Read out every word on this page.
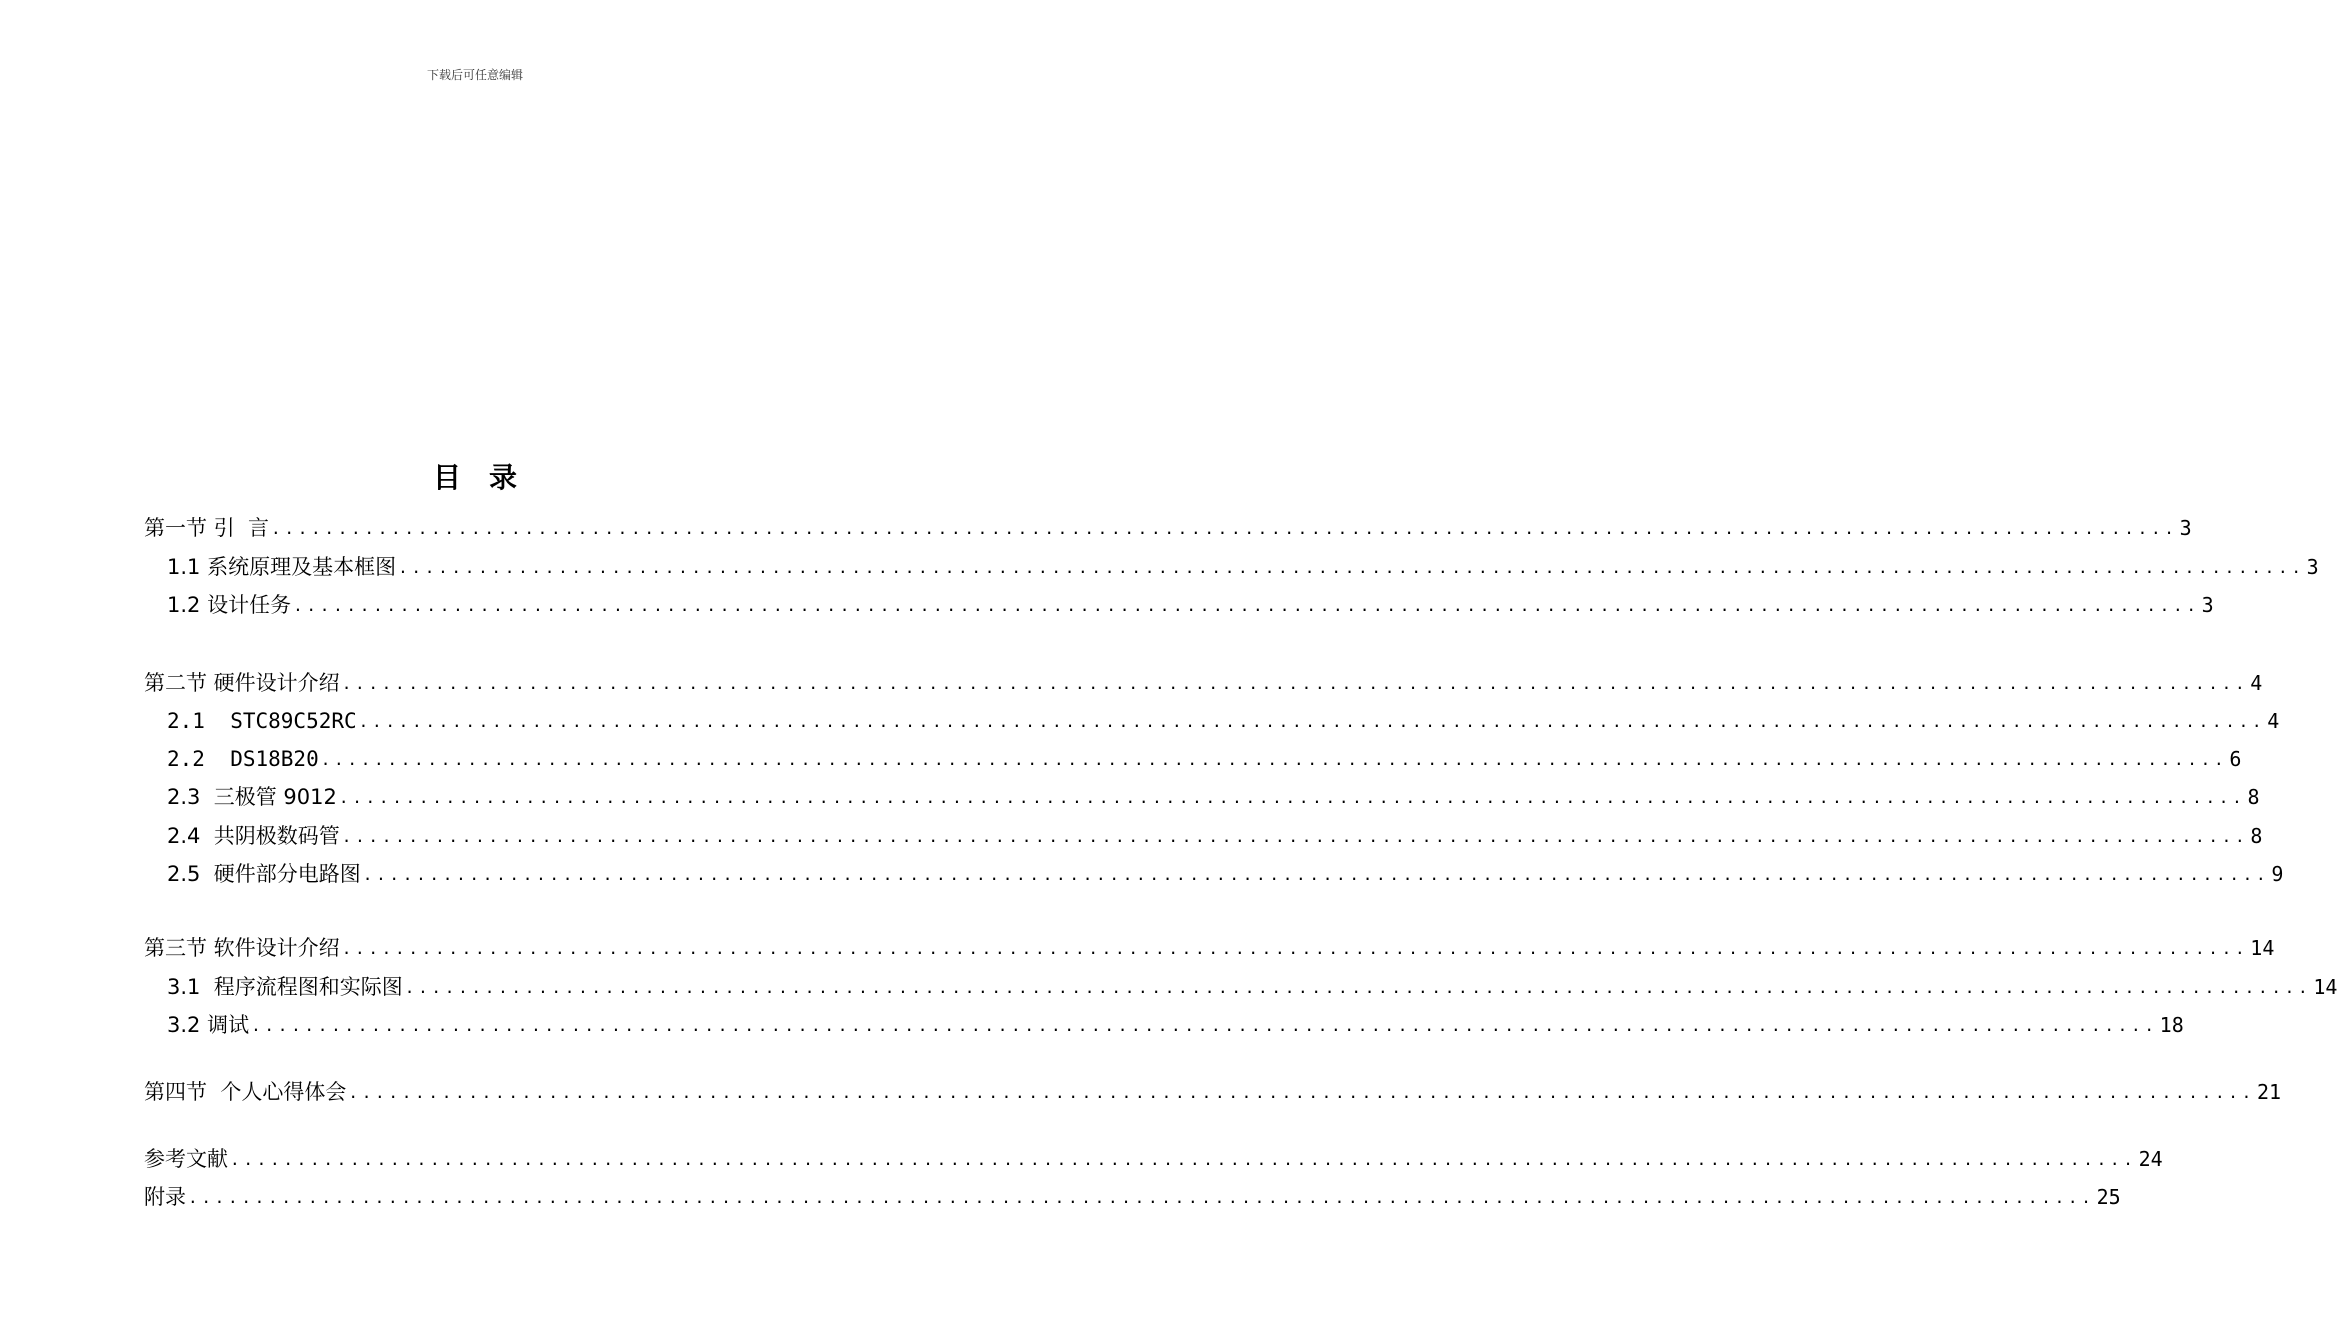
下载后可任意编辑
目录
第一节 引  言 ............................................................................................................................................... 3
1.1 系统原理及基本框图 ............................................................................................................................................... 3
1.2 设计任务 ............................................................................................................................................... 3
第二节 硬件设计介绍 ............................................................................................................................................... 4
2.1  STC89C52RC ............................................................................................................................................... 4
2.2  DS18B20 ............................................................................................................................................... 6
2.3  三极管 9012 ............................................................................................................................................... 8
2.4  共阴极数码管 ............................................................................................................................................... 8
2.5  硬件部分电路图 ............................................................................................................................................... 9
第三节 软件设计介绍 ............................................................................................................................................... 14
3.1  程序流程图和实际图 ............................................................................................................................................... 14
3.2 调试 ............................................................................................................................................... 18
第四节  个人心得体会 ............................................................................................................................................... 21
参考文献 ............................................................................................................................................... 24
附录 ............................................................................................................................................... 25
